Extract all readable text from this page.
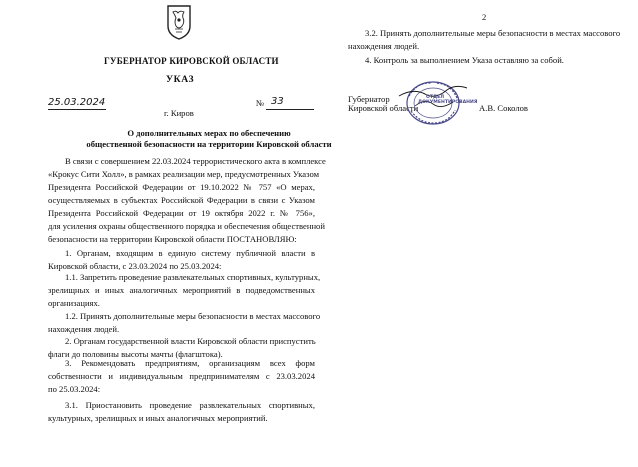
ГУБЕРНАТОР КИРОВСКОЙ ОБЛАСТИ
УКАЗ
25.03.2024	№ 33
г. Киров
О дополнительных мерах по обеспечению
общественной безопасности на территории Кировской области
В связи с совершением 22.03.2024 террористического акта в комплексе
«Крокус Сити Холл», в рамках реализации мер, предусмотренных Указом
Президента Российской Федерации от 19.10.2022 № 757 «О мерах,
осуществляемых в субъектах Российской Федерации в связи с Указом
Президента Российской Федерации от 19 октября 2022 г. № 756»,
для усиления охраны общественного порядка и обеспечения общественной
безопасности на территории Кировской области ПОСТАНОВЛЯЮ:
1. Органам, входящим в единую систему публичной власти в
Кировской области, с 23.03.2024 по 25.03.2024:
1.1. Запретить проведение развлекательных спортивных, культурных,
зрелищных и иных аналогичных мероприятий в подведомственных
организациях.
1.2. Принять дополнительные меры безопасности в местах массового
нахождения людей.
2. Органам государственной власти Кировской области приспустить
флаги до половины высоты мачты (флагштока).
3. Рекомендовать предприятиям, организациям всех форм
собственности и индивидуальным предпринимателям с 23.03.2024
по 25.03.2024:
3.1. Приостановить проведение развлекательных спортивных,
культурных, зрелищных и иных аналогичных мероприятий.
2
3.2. Принять дополнительные меры безопасности в местах массового
нахождения людей.
4. Контроль за выполнением Указа оставляю за собой.
Губернатор
Кировской области
ОТДЕЛ ДОКУМЕНТИРОВАНИЯ
А.В. Соколов
